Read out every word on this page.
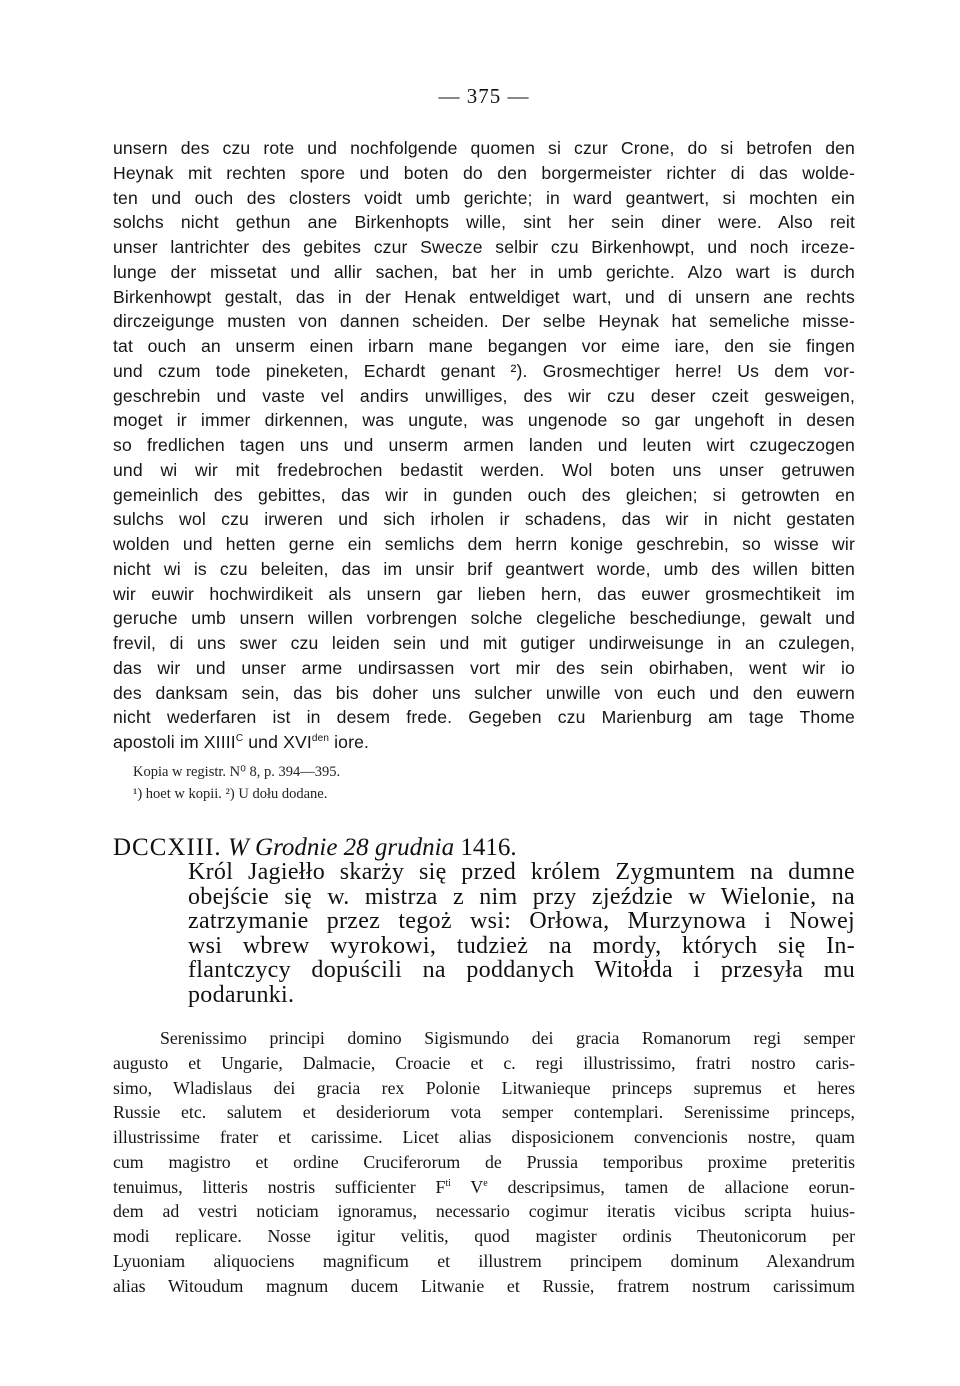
— 375 —
unsern des czu rote und nochfolgende quomen si czur Crone, do si betrofen den
Heynak mit rechten spore und boten do den borgermeister richter di das wolde-
ten und ouch des closters voidt umb gerichte; in ward geantwert, si mochten ein
solchs nicht gethun ane Birkenhopts wille, sint her sein diner were. Also reit
unser lantrichter des gebites czur Swecze selbir czu Birkenhowpt, und noch irceze-
lunge der missetat und allir sachen, bat her in umb gerichte. Alzo wart is durch
Birkenhowpt gestalt, das in der Henak entweldiget wart, und di unsern ane rechts
dirczeigunge musten von dannen scheiden. Der selbe Heynak hat semeliche misse-
tat ouch an unserm einen irbarn mane begangen vor eime iare, den sie fingen
und czum tode pineketen, Echardt genant ²). Grosmechtiger herre! Us dem vor-
geschrebin und vaste vel andirs unwilliges, des wir czu deser czeit gesweigen,
moget ir immer dirkennen, was ungute, was ungenode so gar ungehoft in desen
so fredlichen tagen uns und unserm armen landen und leuten wirt czugeczogen
und wi wir mit fredebrochen bedastit werden. Wol boten uns unser getruwen
gemeinlich des gebittes, das wir in gunden ouch des gleichen; si getrowten en
sulchs wol czu irweren und sich irholen ir schadens, das wir in nicht gestaten
wolden und hetten gerne ein semlichs dem herrn konige geschrebin, so wisse wir
nicht wi is czu beleiten, das im unsir brif geantwert worde, umb des willen bitten
wir euwir hochwirdikeit als unsern gar lieben hern, das euwer grosmechtikeit im
geruche umb unsern willen vorbrengen solche clegeliche beschediunge, gewalt und
frevil, di uns swer czu leiden sein und mit gutiger undirweisunge in an czulegen,
das wir und unser arme undirsassen vort mir des sein obirhaben, went wir io
des danksam sein, das bis doher uns sulcher unwille von euch und den euwern
nicht wederfaren ist in desem frede. Gegeben czu Marienburg am tage Thome
apostoli im $XIIII^C$ und $XVI^{den}$ iore.
Kopia w registr. N⁰ 8, p. 394—395.
¹) hoet w kopii. ²) U dołu dodane.
DCCXIII. W Grodnie 28 grudnia 1416.
Król Jagiełło skarży się przed królem Zygmuntem na dumne
obejście się w. mistrza z nim przy zjeździe w Wielonie, na
zatrzymanie przez tegoż wsi: Orłowa, Murzynowa i Nowej
wsi wbrew wyrokowi, tudzież na mordy, których się In-
flantczycy dopuścili na poddanych Witołda i przesyła mu
podarunki.
Serenissimo principi domino Sigismundo dei gracia Romanorum regi semper
augusto et Ungarie, Dalmacie, Croacie et c. regi illustrissimo, fratri nostro caris-
simo, Wladislaus dei gracia rex Polonie Litwanieque princeps supremus et heres
Russie etc. salutem et desideriorum vota semper contemplari. Serenissime princeps,
illustrissime frater et carissime. Licet alias disposicionem convencionis nostre, quam
cum magistro et ordine Cruciferorum de Prussia temporibus proxime preteritis
tenuimus, litteris nostris sufficienter $F^{ti}$ Ve descripsimus, tamen de allacione eorun-
dem ad vestri noticiam ignoramus, necessario cogimur iteratis vicibus scripta huius-
modi replicare. Nosse igitur velitis, quod magister ordinis Theutonicorum per
Lyuoniam aliquociens magnificum et illustrem principem dominum Alexandrum
alias Witoudum magnum ducem Litwanie et Russie, fratrem nostrum carissimum
